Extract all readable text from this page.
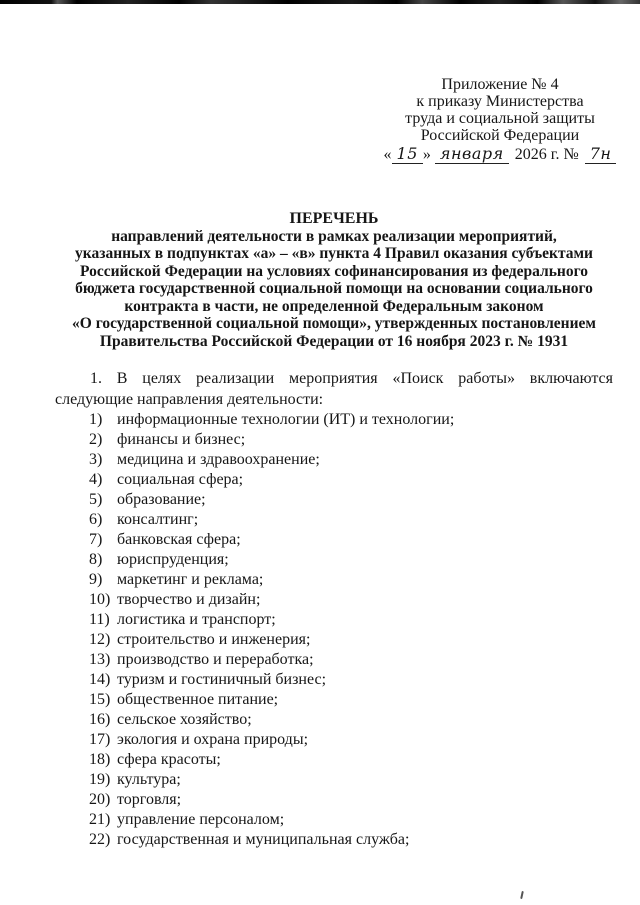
Приложение № 4
к приказу Министерства
труда и социальной защиты
Российской Федерации
« 15 » января 2026 г. № 7н
ПЕРЕЧЕНЬ
направлений деятельности в рамках реализации мероприятий,
указанных в подпунктах «а» – «в» пункта 4 Правил оказания субъектами
Российской Федерации на условиях софинансирования из федерального
бюджета государственной социальной помощи на основании социального
контракта в части, не определенной Федеральным законом
«О государственной социальной помощи», утвержденных постановлением
Правительства Российской Федерации от 16 ноября 2023 г. № 1931

1. В целях реализации мероприятия «Поиск работы» включаются следующие направления деятельности:

1) информационные технологии (ИТ) и технологии;
2) финансы и бизнес;
3) медицина и здравоохранение;
4) социальная сфера;
5) образование;
6) консалтинг;
7) банковская сфера;
8) юриспруденция;
9) маркетинг и реклама;
10) творчество и дизайн;
11) логистика и транспорт;
12) строительство и инженерия;
13) производство и переработка;
14) туризм и гостиничный бизнес;
15) общественное питание;
16) сельское хозяйство;
17) экология и охрана природы;
18) сфера красоты;
19) культура;
20) торговля;
21) управление персоналом;
22) государственная и муниципальная служба;
